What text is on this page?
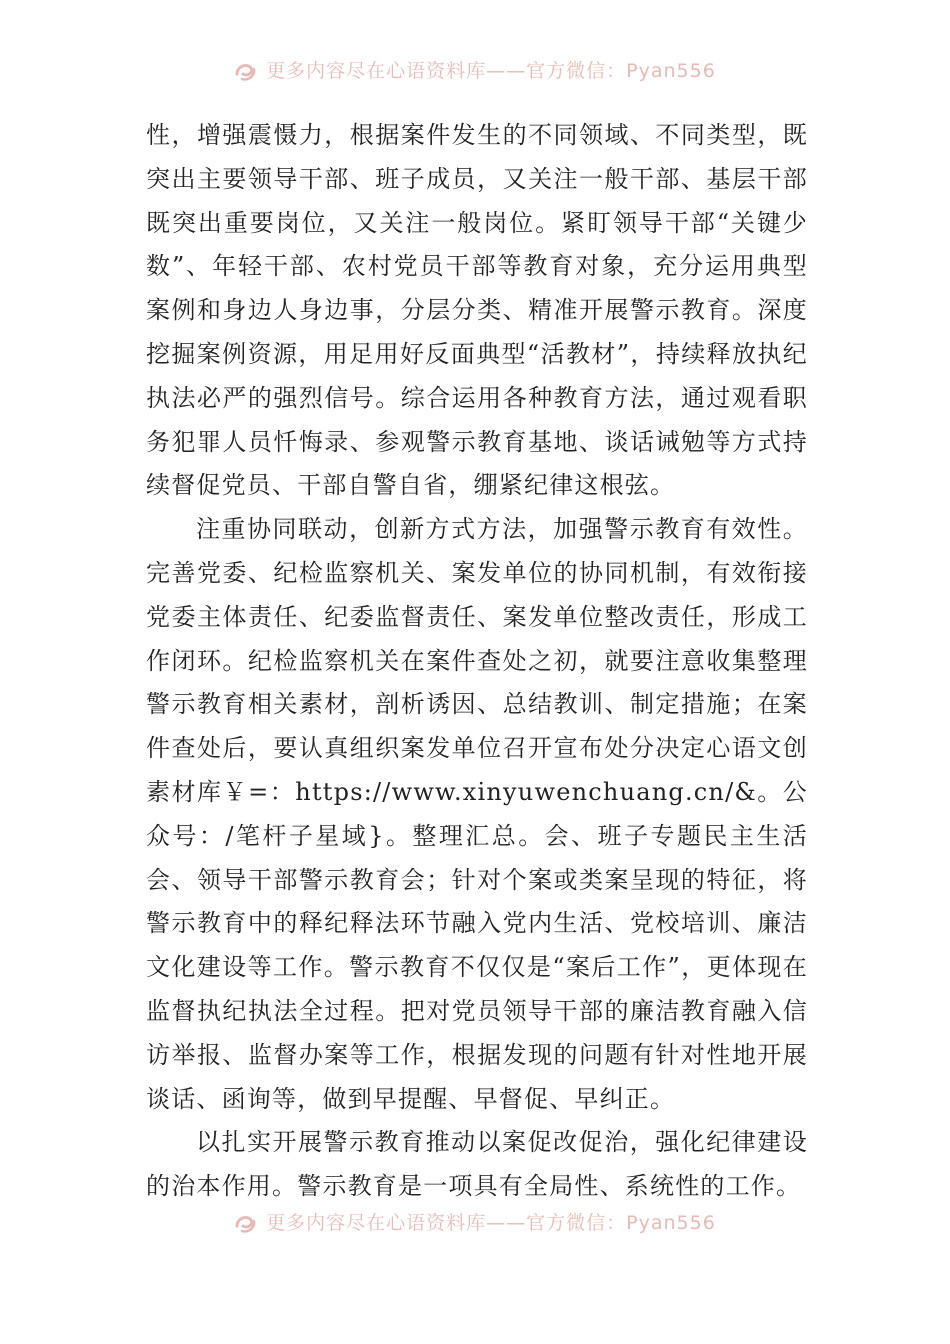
更多内容尽在心语资料库——官方微信：Pyan556

性，增强震慑力，根据案件发生的不同领域、不同类型，既突出主要领导干部、班子成员，又关注一般干部、基层干部既突出重要岗位，又关注一般岗位。紧盯领导干部“关键少数”、年轻干部、农村党员干部等教育对象，充分运用典型案例和身边人身边事，分层分类、精准开展警示教育。深度挖掘案例资源，用足用好反面典型“活教材”，持续释放执纪执法必严的强烈信号。综合运用各种教育方法，通过观看职务犯罪人员忏悔录、参观警示教育基地、谈话诫勉等方式持续督促党员、干部自警自省，绷紧纪律这根弦。

注重协同联动，创新方式方法，加强警示教育有效性。完善党委、纪检监察机关、案发单位的协同机制，有效衔接党委主体责任、纪委监督责任、案发单位整改责任，形成工作闭环。纪检监察机关在案件查处之初，就要注意收集整理警示教育相关素材，剖析诱因、总结教训、制定措施；在案件查处后，要认真组织案发单位召开宣布处分决定心语文创素材库￥=：https://www.xinyuwenchuang.cn/&。公众号：/笔杆子星域}。整理汇总。会、班子专题民主生活会、领导干部警示教育会；针对个案或类案呈现的特征，将警示教育中的释纪释法环节融入党内生活、党校培训、廉洁文化建设等工作。警示教育不仅仅是“案后工作”，更体现在监督执纪执法全过程。把对党员领导干部的廉洁教育融入信访举报、监督办案等工作，根据发现的问题有针对性地开展谈话、函询等，做到早提醒、早督促、早纠正。

以扎实开展警示教育推动以案促改促治，强化纪律建设的治本作用。警示教育是一项具有全局性、系统性的工作。

更多内容尽在心语资料库——官方微信：Pyan556
